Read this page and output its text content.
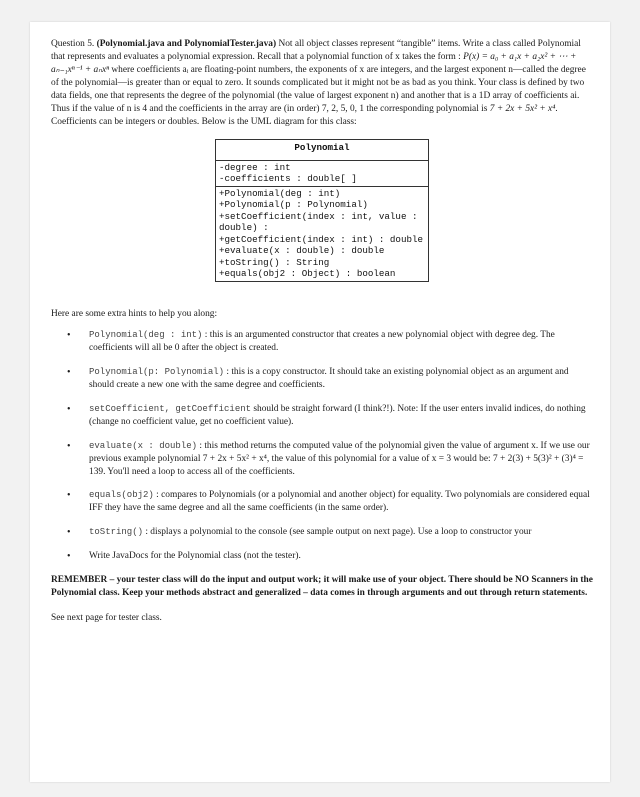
Question 5. (Polynomial.java and PolynomialTester.java) Not all object classes represent “tangible” items. Write a class called Polynomial that represents and evaluates a polynomial expression. Recall that a polynomial function of x takes the form : P(x) = a₀ + a₁x + a₂x² + ⋯ + aₙ₋₁xⁿ⁻¹ + aₙxⁿ where coefficients aᵢ are floating-point numbers, the exponents of x are integers, and the largest exponent n—called the degree of the polynomial—is greater than or equal to zero. It sounds complicated but it might not be as bad as you think. Your class is defined by two data fields, one that represents the degree of the polynomial (the value of largest exponent n) and another that is a 1D array of coefficients ai. Thus if the value of n is 4 and the coefficients in the array are (in order) 7, 2, 5, 0, 1 the corresponding polynomial is 7 + 2x + 5x² + x⁴. Coefficients can be integers or doubles. Below is the UML diagram for this class:

Polynomial
-degree : int
-coefficients : double[ ]
+Polynomial(deg : int)
+Polynomial(p : Polynomial)
+setCoefficient(index : int, value : double) :
+getCoefficient(index : int) : double
+evaluate(x : double) : double
+toString() : String
+equals(obj2 : Object) : boolean
Here are some extra hints to help you along:
• Polynomial(deg : int) : this is an argumented constructor that creates a new polynomial object with degree deg. The coefficients will all be 0 after the object is created.
• Polynomial(p: Polynomial) : this is a copy constructor. It should take an existing polynomial object as an argument and should create a new one with the same degree and coefficients.
• setCoefficient, getCoefficient should be straight forward (I think?!). Note: If the user enters invalid indices, do nothing (change no coefficient value, get no coefficient value).
• evaluate(x : double) : this method returns the computed value of the polynomial given the value of argument x. If we use our previous example polynomial 7 + 2x + 5x² + x⁴, the value of this polynomial for a value of x = 3 would be: 7 + 2(3) + 5(3)² + (3)⁴ = 139. You'll need a loop to access all of the coefficients.
• equals(obj2) : compares to Polynomials (or a polynomial and another object) for equality. Two polynomials are considered equal IFF they have the same degree and all the same coefficients (in the same order).
• toString() : displays a polynomial to the console (see sample output on next page). Use a loop to constructor your
• Write JavaDocs for the Polynomial class (not the tester).
REMEMBER – your tester class will do the input and output work; it will make use of your object. There should be NO Scanners in the Polynomial class. Keep your methods abstract and generalized – data comes in through arguments and out through return statements.
See next page for tester class.
